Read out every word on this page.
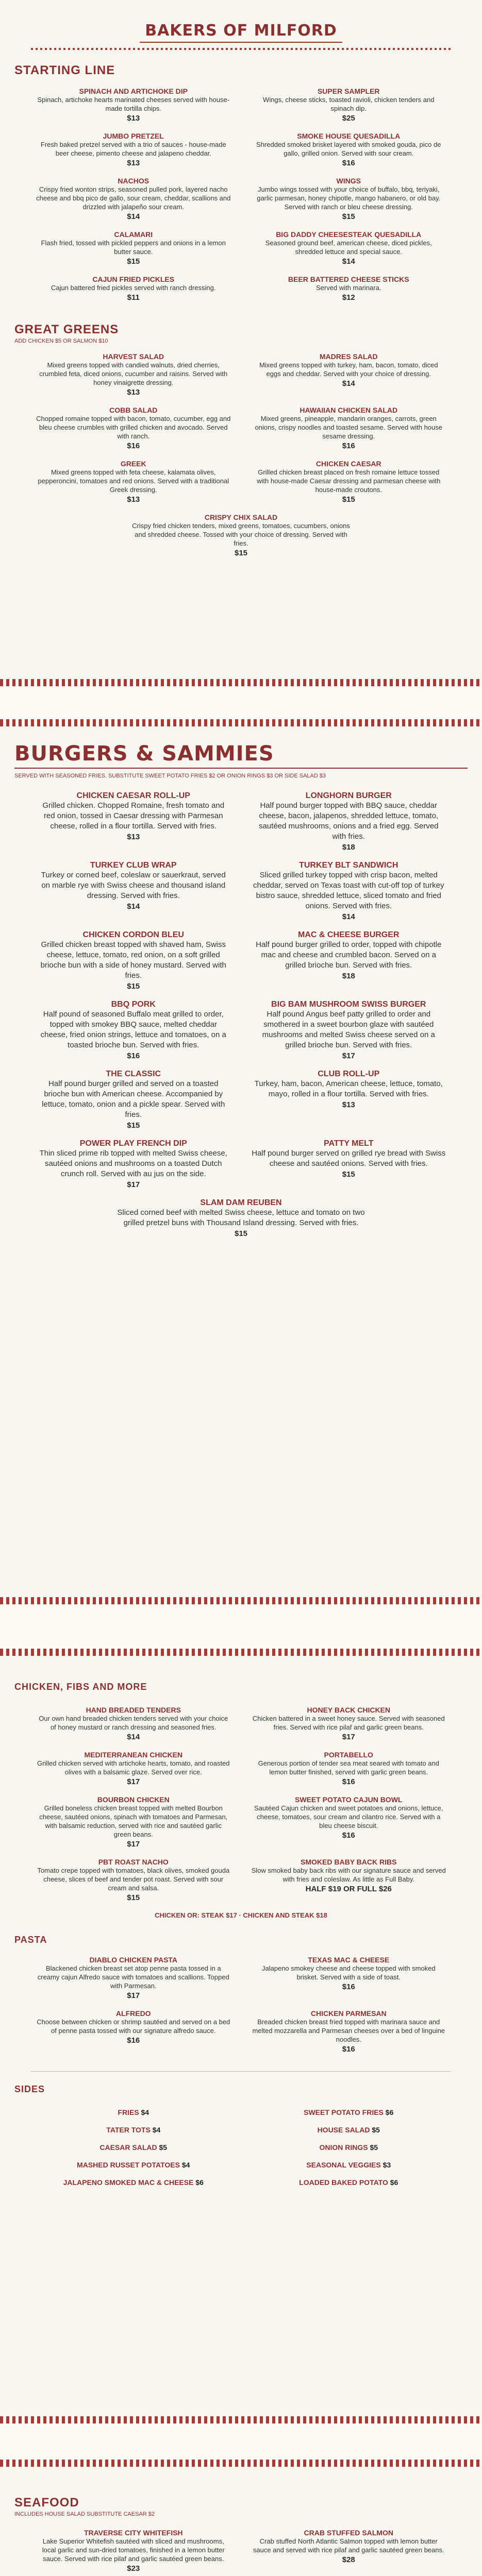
BAKERS OF MILFORD
STARTING LINE
SPINACH AND ARTICHOKE DIP
Spinach, artichoke hearts marinated cheeses served with house-made tortilla chips.
$13
SUPER SAMPLER
Wings, cheese sticks, toasted ravioli, chicken tenders and spinach dip.
$25
JUMBO PRETZEL
Fresh baked pretzel served with a trio of sauces - house-made beer cheese, pimento cheese and jalapeno cheddar.
$13
SMOKE HOUSE QUESADILLA
Shredded smoked brisket layered with smoked gouda, pico de gallo, grilled onion. Served with sour cream.
$16
NACHOS
Crispy fried wonton strips, seasoned pulled pork, layered nacho cheese and bbq pico de gallo, sour cream, cheddar, scallions and drizzled with jalapeño sour cream.
$14
WINGS
Jumbo wings tossed with your choice of buffalo, bbq, teriyaki, garlic parmesan, honey chipotle, mango habanero, or old bay. Served with ranch or bleu cheese dressing.
$15
CALAMARI
Flash fried, tossed with pickled peppers and onions in a lemon butter sauce.
$15
BIG DADDY CHEESESTEAK QUESADILLA
Seasoned ground beef, american cheese, diced pickles, shredded lettuce and special sauce.
$14
CAJUN FRIED PICKLES
Cajun battered fried pickles served with ranch dressing.
$11
BEER BATTERED CHEESE STICKS
Served with marinara.
$12
GREAT GREENS

ADD CHICKEN $5 OR SALMON $10

HARVEST SALAD
Mixed greens topped with candied walnuts, dried cherries, crumbled feta, diced onions, cucumber and raisins. Served with honey vinaigrette dressing.
$13
MADRES SALAD
Mixed greens topped with turkey, ham, bacon, tomato, diced eggs and cheddar. Served with your choice of dressing.
$14
COBB SALAD
Chopped romaine topped with bacon, tomato, cucumber, egg and bleu cheese crumbles with grilled chicken and avocado. Served with ranch.
$16
HAWAIIAN CHICKEN SALAD
Mixed greens, pineapple, mandarin oranges, carrots, green onions, crispy noodles and toasted sesame. Served with house sesame dressing.
$16
GREEK
Mixed greens topped with feta cheese, kalamata olives, pepperoncini, tomatoes and red onions. Served with a traditional Greek dressing.
$13
CHICKEN CAESAR
Grilled chicken breast placed on fresh romaine lettuce tossed with house-made Caesar dressing and parmesan cheese with house-made croutons.
$15
CRISPY CHIX SALAD
Crispy fried chicken tenders, mixed greens, tomatoes, cucumbers, onions and shredded cheese. Tossed with your choice of dressing. Served with fries.
$15
BURGERS & SAMMIES

SERVED WITH SEASONED FRIES. SUBSTITUTE SWEET POTATO FRIES $2 OR ONION RINGS $3 OR SIDE SALAD $3

CHICKEN CAESAR ROLL-UP
Grilled chicken. Chopped Romaine, fresh tomato and red onion, tossed in Caesar dressing with Parmesan cheese, rolled in a flour tortilla. Served with fries.
$13
LONGHORN BURGER
Half pound burger topped with BBQ sauce, cheddar cheese, bacon, jalapenos, shredded lettuce, tomato, sautéed mushrooms, onions and a fried egg. Served with fries.
$18
TURKEY CLUB WRAP
Turkey or corned beef, coleslaw or sauerkraut, served on marble rye with Swiss cheese and thousand island dressing. Served with fries.
$14
TURKEY BLT SANDWICH
Sliced grilled turkey topped with crisp bacon, melted cheddar, served on Texas toast with cut-off top of turkey bistro sauce, shredded lettuce, sliced tomato and fried onions. Served with fries.
$14
CHICKEN CORDON BLEU
Grilled chicken breast topped with shaved ham, Swiss cheese, lettuce, tomato, red onion, on a soft grilled brioche bun with a side of honey mustard. Served with fries.
$15
MAC & CHEESE BURGER
Half pound burger grilled to order, topped with chipotle mac and cheese and crumbled bacon. Served on a grilled brioche bun. Served with fries.
$18
BBQ PORK
Half pound of seasoned Buffalo meat grilled to order, topped with smokey BBQ sauce, melted cheddar cheese, fried onion strings, lettuce and tomatoes, on a toasted brioche bun. Served with fries.
$16
BIG BAM MUSHROOM SWISS BURGER
Half pound Angus beef patty grilled to order and smothered in a sweet bourbon glaze with sautéed mushrooms and melted Swiss cheese served on a grilled brioche bun. Served with fries.
$17
THE CLASSIC
Half pound burger grilled and served on a toasted brioche bun with American cheese. Accompanied by lettuce, tomato, onion and a pickle spear. Served with fries.
$15
CLUB ROLL-UP
Turkey, ham, bacon, American cheese, lettuce, tomato, mayo, rolled in a flour tortilla. Served with fries.
$13
POWER PLAY FRENCH DIP
Thin sliced prime rib topped with melted Swiss cheese, sautéed onions and mushrooms on a toasted Dutch crunch roll. Served with au jus on the side.
$17
PATTY MELT
Half pound burger served on grilled rye bread with Swiss cheese and sautéed onions. Served with fries.
$15
SLAM DAM REUBEN
Sliced corned beef with melted Swiss cheese, lettuce and tomato on two grilled pretzel buns with Thousand Island dressing. Served with fries.
$15
CHICKEN, FIBS AND MORE
HAND BREADED TENDERS
Our own hand breaded chicken tenders served with your choice of honey mustard or ranch dressing and seasoned fries.
$14
HONEY BACK CHICKEN
Chicken battered in a sweet honey sauce. Served with seasoned fries. Served with rice pilaf and garlic green beans.
$17
MEDITERRANEAN CHICKEN
Grilled chicken served with artichoke hearts, tomato, and roasted olives with a balsamic glaze. Served over rice.
$17
PORTABELLO
Generous portion of tender sea meat seared with tomato and lemon butter finished, served with garlic green beans.
$16
BOURBON CHICKEN
Grilled boneless chicken breast topped with melted Bourbon cheese, sautéed onions, spinach with tomatoes and Parmesan, with balsamic reduction, served with rice and sautéed garlic green beans.
$17
SWEET POTATO CAJUN BOWL
Sautéed Cajun chicken and sweet potatoes and onions, lettuce, cheese, tomatoes, sour cream and cilantro rice. Served with a bleu cheese biscuit.
$16
PBT ROAST NACHO
Tomato crepe topped with tomatoes, black olives, smoked gouda cheese, slices of beef and tender pot roast. Served with sour cream and salsa.
$15
SMOKED BABY BACK RIBS
Slow smoked baby back ribs with our signature sauce and served with fries and coleslaw. As little as Full Baby.
HALF $19 OR FULL $26
CHICKEN OR: STEAK $17 · CHICKEN AND STEAK $18
PASTA
DIABLO CHICKEN PASTA
Blackened chicken breast set atop penne pasta tossed in a creamy cajun Alfredo sauce with tomatoes and scallions. Topped with Parmesan.
$17
TEXAS MAC & CHEESE
Jalapeno smokey cheese and cheese topped with smoked brisket. Served with a side of toast.
$16
ALFREDO
Choose between chicken or shrimp sautéed and served on a bed of penne pasta tossed with our signature alfredo sauce.
$16
CHICKEN PARMESAN
Breaded chicken breast fried topped with marinara sauce and melted mozzarella and Parmesan cheeses over a bed of linguine noodles.
$16
SIDES
FRIES $4	SWEET POTATO FRIES $6
TATER TOTS $4	HOUSE SALAD $5
CAESAR SALAD $5	ONION RINGS $5
MASHED RUSSET POTATOES $4	SEASONAL VEGGIES $3
JALAPENO SMOKED MAC & CHEESE $6	LOADED BAKED POTATO $6
SEAFOOD

INCLUDES HOUSE SALAD SUBSTITUTE CAESAR $2

TRAVERSE CITY WHITEFISH
Lake Superior Whitefish sautéed with sliced and mushrooms, local garlic and sun-dried tomatoes, finished in a lemon butter sauce. Served with rice pilaf and garlic sautéed green beans.
$23
CRAB STUFFED SALMON
Crab stuffed North Atlantic Salmon topped with lemon butter sauce and served with rice pilaf and garlic sautéed green beans.
$28
